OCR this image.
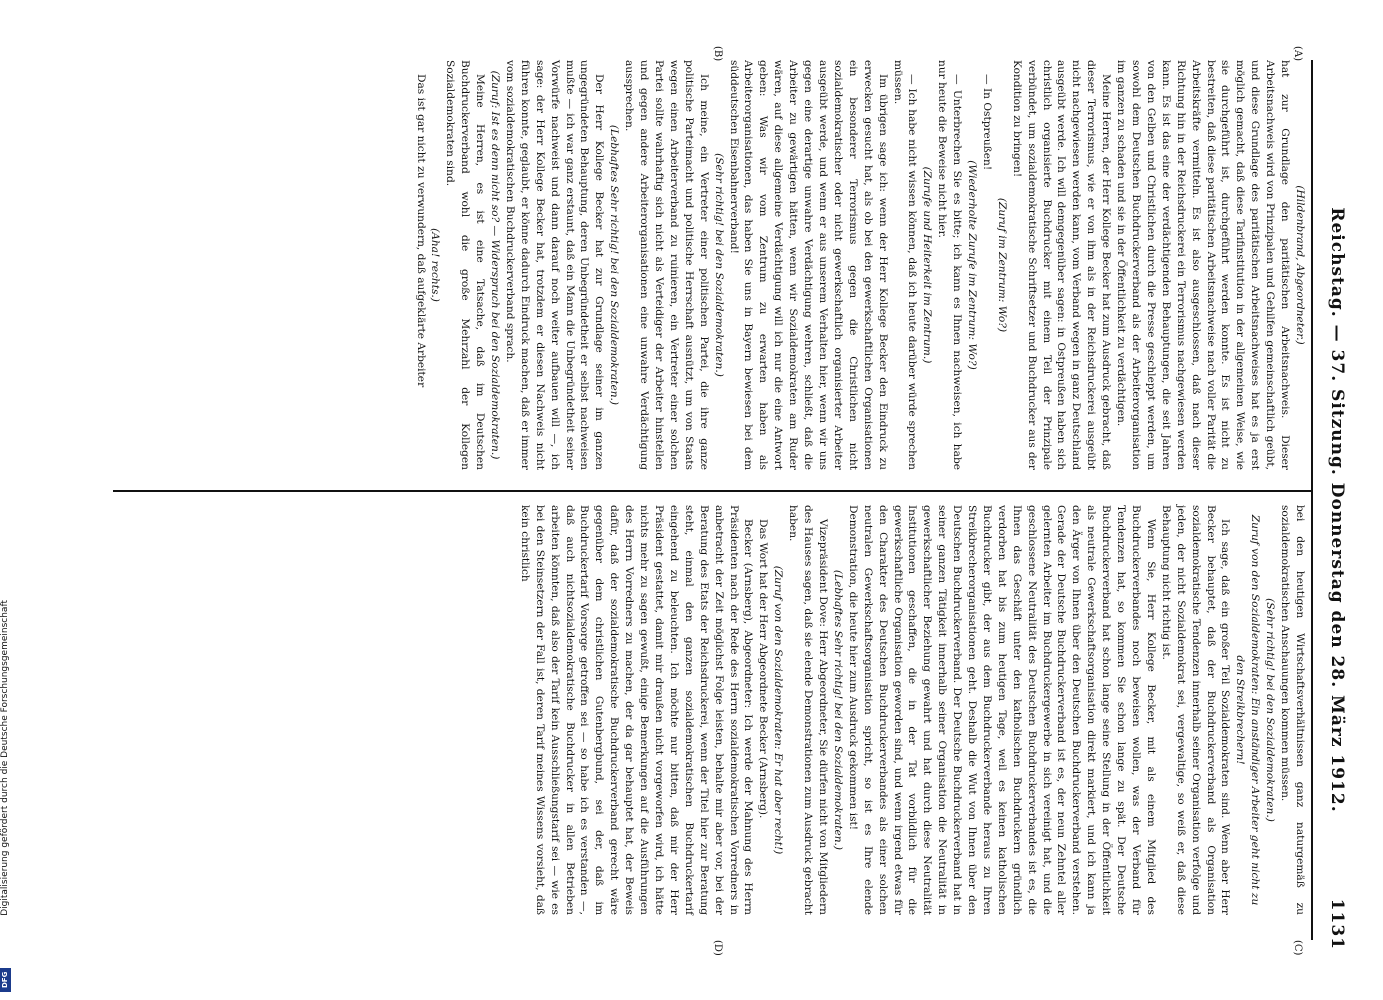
Digitalisierung gefördert durch die Deutsche Forschungsgemeinschaft
DFG
Reichstag. — 37. Sitzung. Donnerstag den 28. März 1912.
1131
(A)
(B)
(C)
(D)

(Hildenbrand, Abgeordneter.)

hat zur Grundlage den paritätischen Arbeitsnachweis. Dieser Arbeitsnachweis wird von Prinzipalen und Gehilfen gemeinschaftlich geübt, und diese Grundlage des paritätischen Arbeitsnachweises hat es ja erst möglich gemacht, daß diese Tarifinstitution in der allgemeinen Weise, wie sie durchgeführt ist, durchgeführt werden konnte. Es ist nicht zu bestreiten, daß diese paritätischen Arbeitsnachweise nach voller Parität die Arbeitskräfte vermitteln. Es ist also ausgeschlossen, daß nach dieser Richtung hin in der Reichsdruckerei ein Terrorismus nachgewiesen werden kann. Es ist das eine der verdächtigenden Behauptungen, die seit Jahren von den Gelben und Christlichen durch die Presse geschleppt werden, um sowohl dem Deutschen Buchdruckerverband als der Arbeiterorganisation im ganzen zu schaden und sie in der Öffentlichkeit zu verdächtigen.

Meine Herren, der Herr Kollege Becker hat zum Ausdruck gebracht, daß dieser Terrorismus, wie er von ihm als in der Reichsdruckerei ausgeübt nicht nachgewiesen werden kann, vom Verband wegen in ganz Deutschland ausgeübt werde. Ich will demgegenüber sagen: in Ostpreußen haben sich christlich organisierte Buchdrucker mit einem Teil der Prinzipale verbündet, um sozialdemokratische Schriftsetzer und Buchdrucker aus der Kondition zu bringen!

(Zuruf im Zentrum: Wo?)

— In Ostpreußen!

(Wiederholte Zurufe im Zentrum: Wo?)

— Unterbrechen Sie es bitte; ich kann es Ihnen nachweisen, ich habe nur heute die Beweise nicht hier.

(Zurufe und Heiterkeit im Zentrum.)

— Ich habe nicht wissen können, daß ich heute darüber würde sprechen müssen.

Im übrigen sage ich: wenn der Herr Kollege Becker den Eindruck zu erwecken gesucht hat, als ob bei den gewerkschaftlichen Organisationen ein besonderer Terrorismus gegen die Christlichen nicht sozialdemokratischer oder nicht gewerkschaftlich organisierter Arbeiter ausgeübt werde, und wenn er aus unserem Verhalten hier, wenn wir uns gegen eine derartige unwahre Verdächtigung wehren, schließt, daß die Arbeiter zu gewärtigen hätten, wenn wir Sozialdemokraten am Ruder wären, auf diese allgemeine Verdächtigung will ich nur die eine Antwort geben: Was wir vom Zentrum zu erwarten haben als Arbeiterorganisationen, das haben Sie uns in Bayern bewiesen bei dem süddeutschen Eisenbahnerverband!

(Sehr richtig! bei den Sozialdemokraten.)

Ich meine, ein Vertreter einer politischen Partei, die ihre ganze politische Parteimacht und politische Herrschaft ausnützt, um von Staats wegen einen Arbeiterverband zu ruinieren, ein Vertreter einer solchen Partei sollte wahrhaftig sich nicht als Verteidiger der Arbeiter hinstellen und gegen andere Arbeiterorganisationen eine unwahre Verdächtigung aussprechen.

(Lebhaftes Sehr richtig! bei den Sozialdemokraten.)

Der Herr Kollege Becker hat zur Grundlage seiner im ganzen ungegründeten Behauptung, deren Unbegründetheit er selbst nachweisen mußte — ich war ganz erstaunt, daß ein Mann die Unbegründetheit seiner Vorwürfe nachweist und dann darauf noch weiter aufbauen will —, ich sage: der Herr Kollege Becker hat, trotzdem er diesen Nachweis nicht führen konnte, geglaubt, er könne dadurch Eindruck machen, daß er immer vom sozialdemokratischen Buchdruckerverband sprach.

(Zuruf: Ist es denn nicht so? — Widerspruch bei den Sozialdemokraten.)

Meine Herren, es ist eine Tatsache, daß im Deutschen Buchdruckerverband wohl die große Mehrzahl der Kollegen Sozialdemokraten sind.

(Aha! rechts.)

Das ist gar nicht zu verwundern, daß aufgeklärte Arbeiter

bei den heutigen Wirtschaftsverhältnissen ganz naturgemäß zu sozialdemokratischen Anschauungen kommen müssen.

(Sehr richtig! bei den Sozialdemokraten.)

Zuruf von den Sozialdemokraten: Ein anständiger Arbeiter geht nicht zu den Streikbrechern!

Ich sage, daß ein großer Teil Sozialdemokraten sind. Wenn aber Herr Becker behauptet, daß der Buchdruckerverband als Organisation sozialdemokratische Tendenzen innerhalb seiner Organisation verfolge und jeden, der nicht Sozialdemokrat sei, vergewaltige, so weiß er, daß diese Behauptung nicht richtig ist.

Wenn Sie, Herr Kollege Becker, mit als einem Mitglied des Buchdruckerverbandes noch beweisen wollen, was der Verband für Tendenzen hat, so kommen Sie schon lange zu spät. Der Deutsche Buchdruckerverband hat schon lange seine Stellung in der Öffentlichkeit als neutrale Gewerkschaftsorganisation direkt markiert, und ich kann ja den Ärger von Ihnen über den Deutschen Buchdruckerverband verstehen. Gerade der Deutsche Buchdruckerverband ist es, der neun Zehntel aller gelernten Arbeiter im Buchdruckergewerbe in sich vereinigt hat, und die geschlossene Neutralität des Deutschen Buchdruckerverbandes ist es, die Ihnen das Geschäft unter den katholischen Buchdruckern gründlich verdorben hat bis zum heutigen Tage, weil es keinen katholischen Buchdrucker gibt, der aus dem Buchdruckerverbande heraus zu Ihren Streikbrecherorganisationen geht. Deshalb die Wut von Ihnen über den Deutschen Buchdruckerverband. Der Deutsche Buchdruckerverband hat in seiner ganzen Tätigkeit innerhalb seiner Organisation die Neutralität in gewerkschaftlicher Beziehung gewahrt und hat durch diese Neutralität Institutionen geschaffen, die in der Tat vorbildlich für die gewerkschaftliche Organisation geworden sind, und wenn irgend etwas für den Charakter des Deutschen Buchdruckerverbandes als einer solchen neutralen Gewerkschaftsorganisation spricht, so ist es Ihre elende Demonstration, die heute hier zum Ausdruck gekommen ist!

(Lebhaftes Sehr richtig! bei den Sozialdemokraten.)

Vizepräsident Dove: Herr Abgeordneter, Sie dürfen nicht von Mitgliedern des Hauses sagen, daß sie elende Demonstrationen zum Ausdruck gebracht haben.

(Zuruf von den Sozialdemokraten: Er hat aber recht!)

Das Wort hat der Herr Abgeordnete Becker (Arnsberg).

Becker (Arnsberg), Abgeordneter: Ich werde der Mahnung des Herrn Präsidenten nach der Rede des Herrn sozialdemokratischen Vorredners in anbetracht der Zeit möglichst Folge leisten, behalte mir aber vor, bei der Beratung des Etats der Reichsdruckerei, wenn der Titel hier zur Beratung steht, einmal den ganzen sozialdemokratischen Buchdruckertarif eingehend zu beleuchten. Ich möchte nur bitten, daß mir der Herr Präsident gestattet, damit mir draußen nicht vorgeworfen wird, ich hätte nichts mehr zu sagen gewußt, einige Bemerkungen auf die Ausführungen des Herrn Vorredners zu machen, der da gar behauptet hat, der Beweis dafür, daß der sozialdemokratische Buchdruckerverband gerecht wäre gegenüber dem christlichen Gutenbergbund, sei der, daß im Buchdruckertarif Vorsorge getroffen sei — so habe ich es verstanden —, daß auch nichtsozialdemokratische Buchdrucker in allen Betrieben arbeiten könnten, daß also der Tarif kein Ausschließungstarif sei — wie es bei den Steinsetzern der Fall ist, deren Tarif meines Wissens vorsieht, daß kein christlich
